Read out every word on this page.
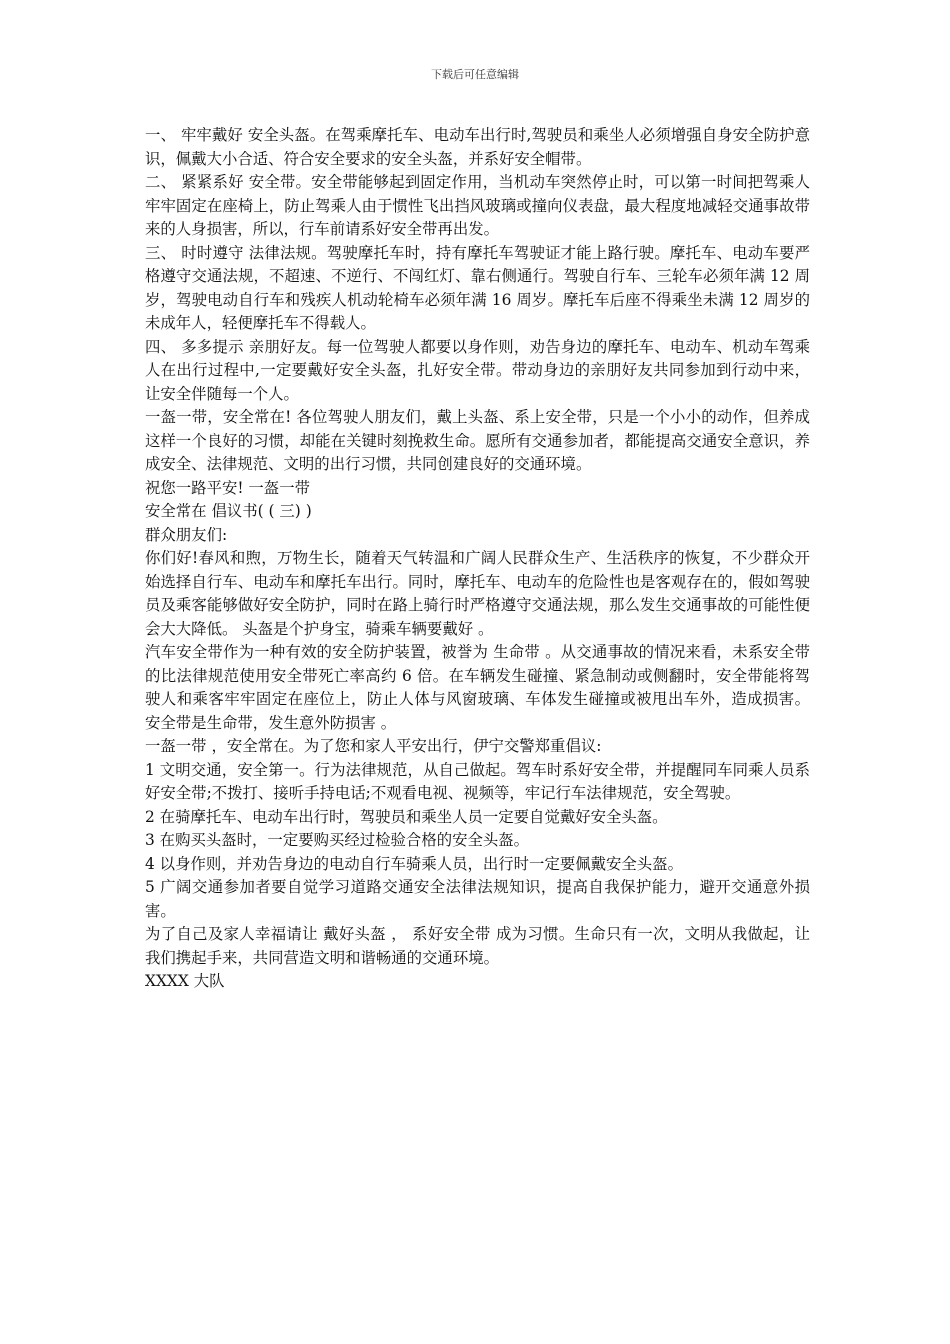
下载后可任意编辑

一、 牢牢戴好 安全头盔。在驾乘摩托车、电动车出行时,驾驶员和乘坐人必须增强自身安全防护意识，佩戴大小合适、符合安全要求的安全头盔，并系好安全帽带。

二、 紧紧系好 安全带。安全带能够起到固定作用，当机动车突然停止时，可以第一时间把驾乘人牢牢固定在座椅上，防止驾乘人由于惯性飞出挡风玻璃或撞向仪表盘，最大程度地减轻交通事故带来的人身损害，所以，行车前请系好安全带再出发。

三、 时时遵守 法律法规。驾驶摩托车时，持有摩托车驾驶证才能上路行驶。摩托车、电动车要严格遵守交通法规，不超速、不逆行、不闯红灯、靠右侧通行。驾驶自行车、三轮车必须年满 12 周岁，驾驶电动自行车和残疾人机动轮椅车必须年满 16 周岁。摩托车后座不得乘坐未满 12 周岁的未成年人，轻便摩托车不得载人。

四、 多多提示 亲朋好友。每一位驾驶人都要以身作则，劝告身边的摩托车、电动车、机动车驾乘人在出行过程中,一定要戴好安全头盔，扎好安全带。带动身边的亲朋好友共同参加到行动中来，让安全伴随每一个人。

一盔一带，安全常在! 各位驾驶人朋友们，戴上头盔、系上安全带，只是一个小小的动作，但养成这样一个良好的习惯，却能在关键时刻挽救生命。愿所有交通参加者，都能提高交通安全意识，养成安全、法律规范、文明的出行习惯，共同创建良好的交通环境。

祝您一路平安! 一盔一带

安全常在 倡议书( ( 三) )

群众朋友们:

你们好!春风和煦，万物生长，随着天气转温和广阔人民群众生产、生活秩序的恢复，不少群众开始选择自行车、电动车和摩托车出行。同时，摩托车、电动车的危险性也是客观存在的，假如驾驶员及乘客能够做好安全防护，同时在路上骑行时严格遵守交通法规，那么发生交通事故的可能性便会大大降低。 头盔是个护身宝，骑乘车辆要戴好 。

汽车安全带作为一种有效的安全防护装置，被誉为 生命带 。从交通事故的情况来看，未系安全带的比法律规范使用安全带死亡率高约 6 倍。在车辆发生碰撞、紧急制动或侧翻时，安全带能将驾驶人和乘客牢牢固定在座位上，防止人体与风窗玻璃、车体发生碰撞或被甩出车外，造成损害。 安全带是生命带，发生意外防损害 。

一盔一带 ，安全常在。为了您和家人平安出行，伊宁交警郑重倡议:

1 文明交通，安全第一。行为法律规范，从自己做起。驾车时系好安全带，并提醒同车同乘人员系好安全带;不拨打、接听手持电话;不观看电视、视频等，牢记行车法律规范，安全驾驶。

2 在骑摩托车、电动车出行时，驾驶员和乘坐人员一定要自觉戴好安全头盔。

3 在购买头盔时，一定要购买经过检验合格的安全头盔。

4 以身作则，并劝告身边的电动自行车骑乘人员，出行时一定要佩戴安全头盔。

5 广阔交通参加者要自觉学习道路交通安全法律法规知识，提高自我保护能力，避开交通意外损害。

为了自己及家人幸福请让 戴好头盔 ， 系好安全带 成为习惯。生命只有一次，文明从我做起，让我们携起手来，共同营造文明和谐畅通的交通环境。

XXXX 大队
